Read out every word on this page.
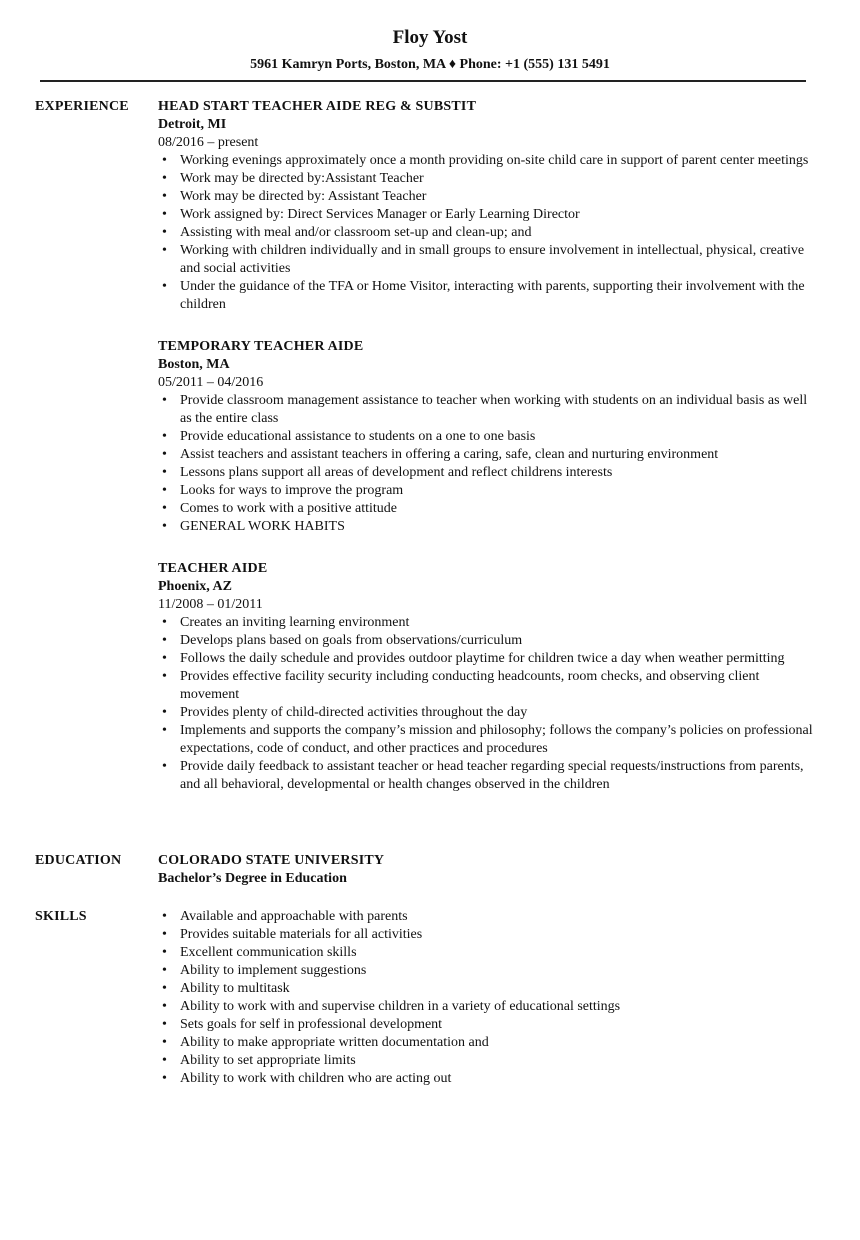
Floy Yost
5961 Kamryn Ports, Boston, MA ♦ Phone: +1 (555) 131 5491
EXPERIENCE	HEAD START TEACHER AIDE REG & SUBSTIT
Detroit, MI
08/2016 – present
• Working evenings approximately once a month providing on-site child care in support of parent center meetings
• Work may be directed by:Assistant Teacher
• Work may be directed by: Assistant Teacher
• Work assigned by: Direct Services Manager or Early Learning Director
• Assisting with meal and/or classroom set-up and clean-up; and
• Working with children individually and in small groups to ensure involvement in intellectual, physical, creative and social activities
• Under the guidance of the TFA or Home Visitor, interacting with parents, supporting their involvement with the children
TEMPORARY TEACHER AIDE
Boston, MA
05/2011 – 04/2016
• Provide classroom management assistance to teacher when working with students on an individual basis as well as the entire class
• Provide educational assistance to students on a one to one basis
• Assist teachers and assistant teachers in offering a caring, safe, clean and nurturing environment
• Lessons plans support all areas of development and reflect childrens interests
• Looks for ways to improve the program
• Comes to work with a positive attitude
• GENERAL WORK HABITS
TEACHER AIDE
Phoenix, AZ
11/2008 – 01/2011
• Creates an inviting learning environment
• Develops plans based on goals from observations/curriculum
• Follows the daily schedule and provides outdoor playtime for children twice a day when weather permitting
• Provides effective facility security including conducting headcounts, room checks, and observing client movement
• Provides plenty of child-directed activities throughout the day
• Implements and supports the company’s mission and philosophy; follows the company’s policies on professional expectations, code of conduct, and other practices and procedures
• Provide daily feedback to assistant teacher or head teacher regarding special requests/instructions from parents, and all behavioral, developmental or health changes observed in the children
EDUCATION	COLORADO STATE UNIVERSITY
Bachelor’s Degree in Education
SKILLS	• Available and approachable with parents
• Provides suitable materials for all activities
• Excellent communication skills
• Ability to implement suggestions
• Ability to multitask
• Ability to work with and supervise children in a variety of educational settings
• Sets goals for self in professional development
• Ability to make appropriate written documentation and
• Ability to set appropriate limits
• Ability to work with children who are acting out
